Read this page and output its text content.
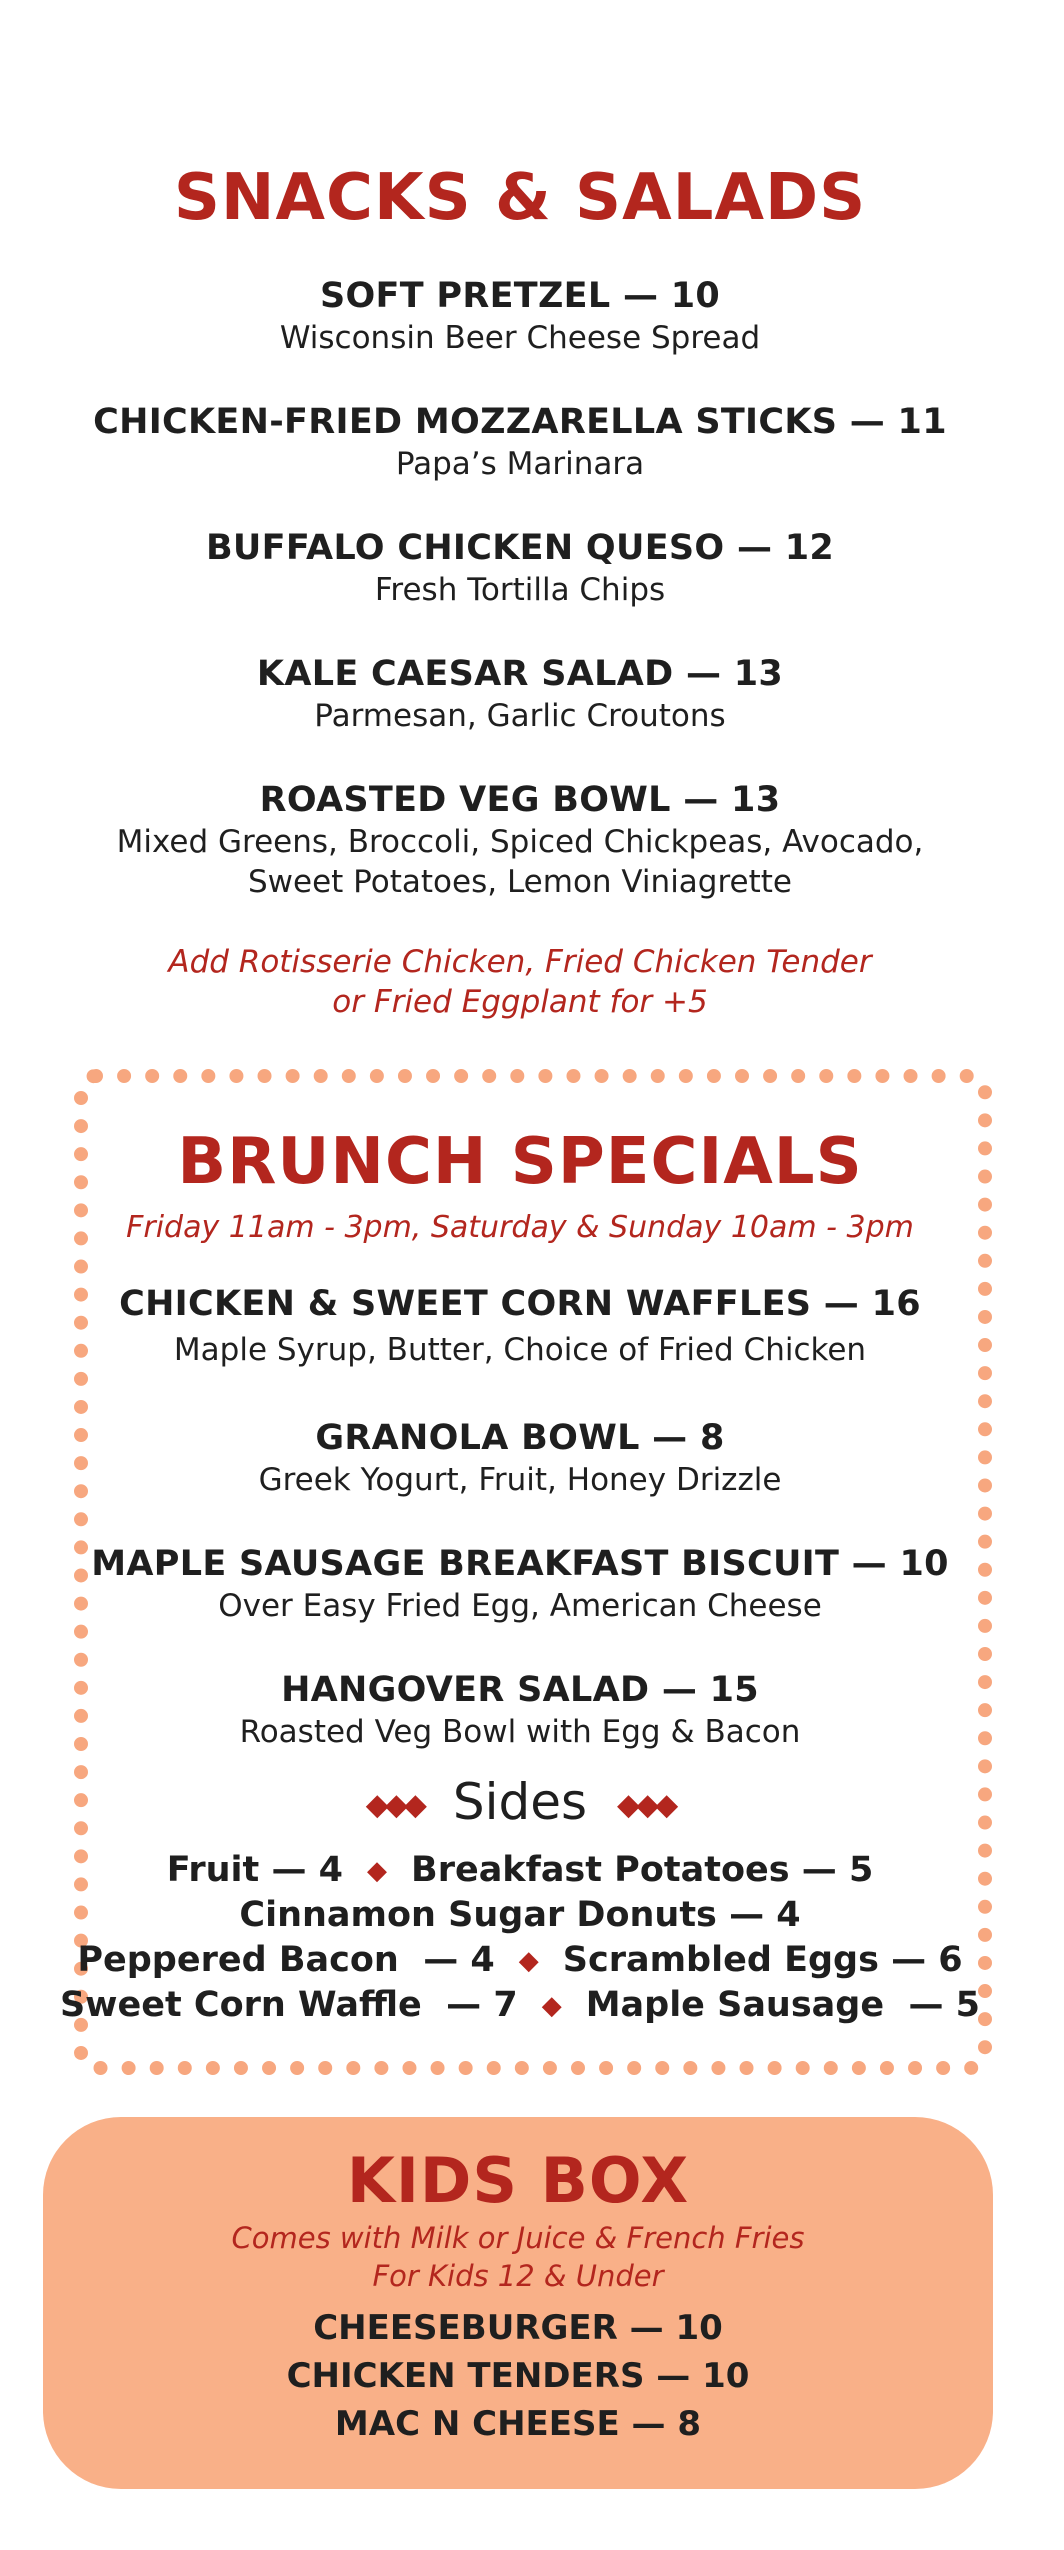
SNACKS & SALADS
SOFT PRETZEL — 10
Wisconsin Beer Cheese Spread
CHICKEN-FRIED MOZZARELLA STICKS — 11
Papa’s Marinara
BUFFALO CHICKEN QUESO — 12
Fresh Tortilla Chips
KALE CAESAR SALAD — 13
Parmesan, Garlic Croutons
ROASTED VEG BOWL — 13
Mixed Greens, Broccoli, Spiced Chickpeas, Avocado,
Sweet Potatoes, Lemon Viniagrette
Add Rotisserie Chicken, Fried Chicken Tender
or Fried Eggplant for +5
BRUNCH SPECIALS
Friday 11am - 3pm, Saturday & Sunday 10am - 3pm
CHICKEN & SWEET CORN WAFFLES — 16
Maple Syrup, Butter, Choice of Fried Chicken
GRANOLA BOWL — 8
Greek Yogurt, Fruit, Honey Drizzle
MAPLE SAUSAGE BREAKFAST BISCUIT — 10
Over Easy Fried Egg, American Cheese
HANGOVER SALAD — 15
Roasted Veg Bowl with Egg & Bacon
◆◆◆ Sides ◆◆◆
Fruit — 4 ◆ Breakfast Potatoes — 5
Cinnamon Sugar Donuts — 4
Peppered Bacon  — 4 ◆ Scrambled Eggs — 6
Sweet Corn Waffle  — 7 ◆ Maple Sausage  — 5
KIDS BOX
Comes with Milk or Juice & French Fries
For Kids 12 & Under
CHEESEBURGER — 10
CHICKEN TENDERS — 10
MAC N CHEESE — 8
